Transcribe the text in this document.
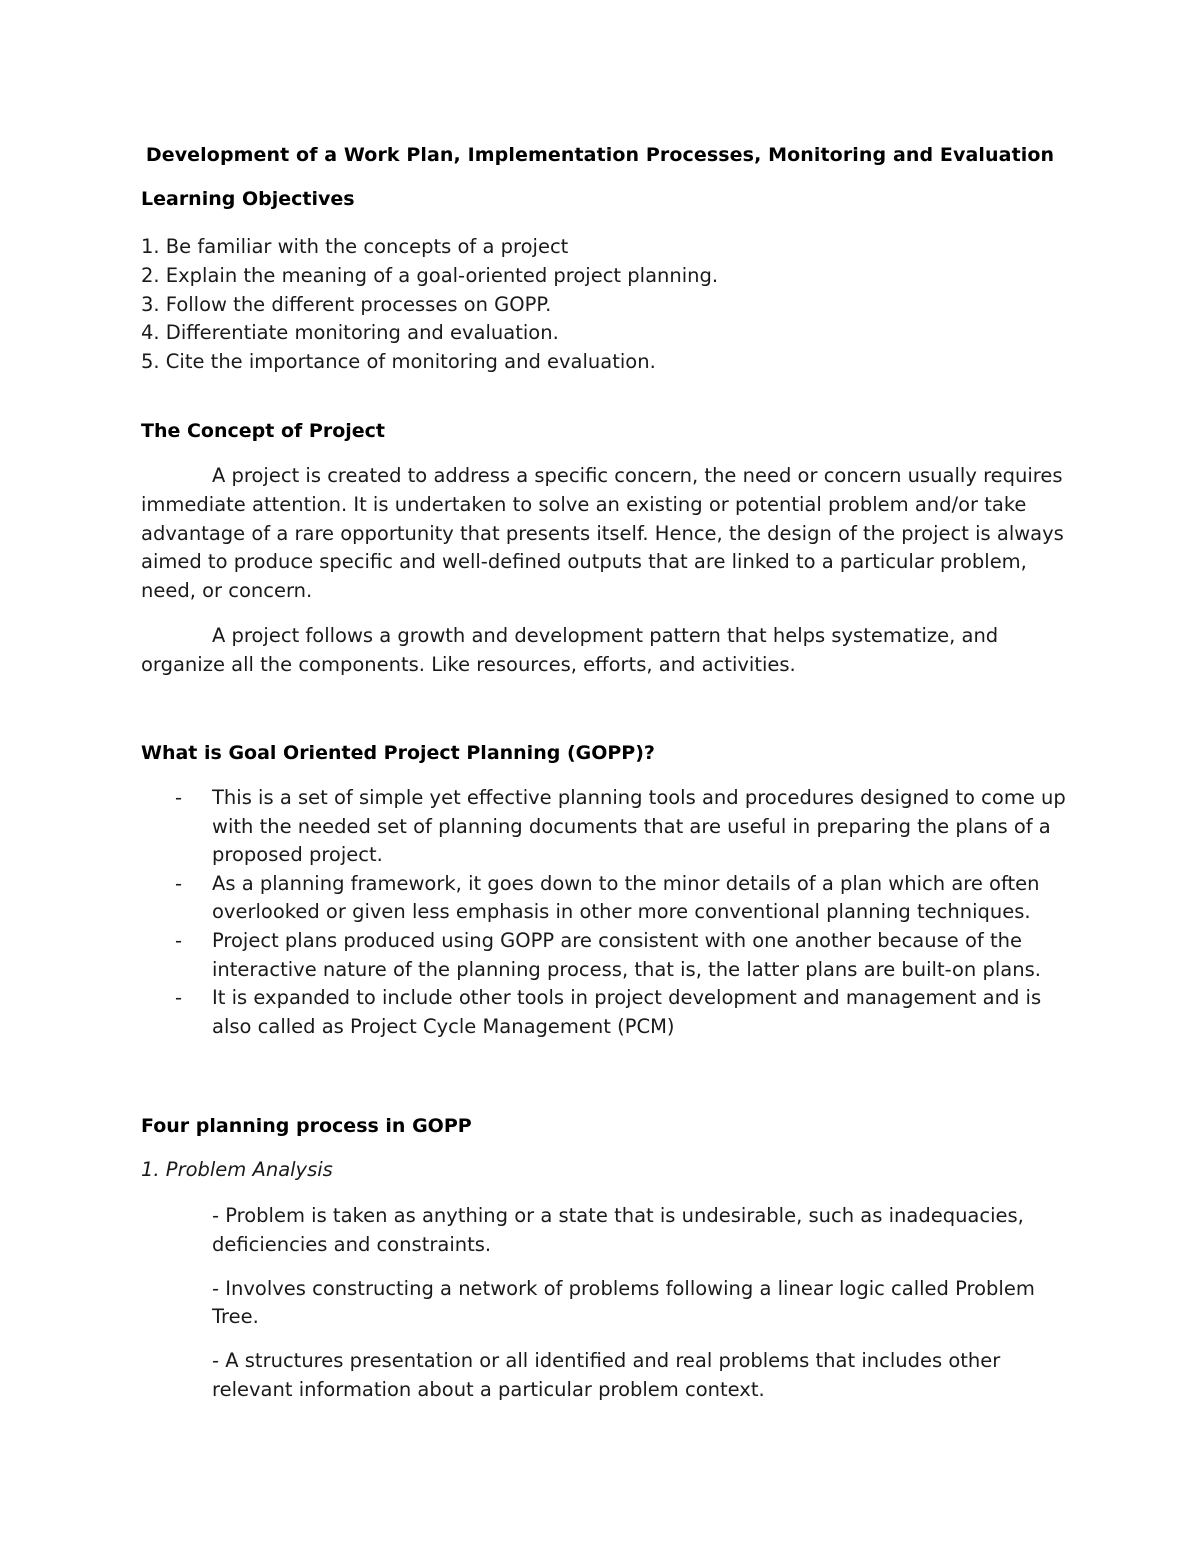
Development of a Work Plan, Implementation Processes, Monitoring and Evaluation
Learning Objectives
1. Be familiar with the concepts of a project
2. Explain the meaning of a goal-oriented project planning.
3. Follow the different processes on GOPP.
4. Differentiate monitoring and evaluation.
5. Cite the importance of monitoring and evaluation.
The Concept of Project

A project is created to address a specific concern, the need or concern usually requires immediate attention. It is undertaken to solve an existing or potential problem and/or take advantage of a rare opportunity that presents itself. Hence, the design of the project is always aimed to produce specific and well-defined outputs that are linked to a particular problem, need, or concern.

A project follows a growth and development pattern that helps systematize, and organize all the components. Like resources, efforts, and activities.

What is Goal Oriented Project Planning (GOPP)?
- This is a set of simple yet effective planning tools and procedures designed to come up with the needed set of planning documents that are useful in preparing the plans of a proposed project.
- As a planning framework, it goes down to the minor details of a plan which are often overlooked or given less emphasis in other more conventional planning techniques.
- Project plans produced using GOPP are consistent with one another because of the interactive nature of the planning process, that is, the latter plans are built-on plans.
- It is expanded to include other tools in project development and management and is also called as Project Cycle Management (PCM)
Four planning process in GOPP
1. Problem Analysis
- Problem is taken as anything or a state that is undesirable, such as inadequacies, deficiencies and constraints.
- Involves constructing a network of problems following a linear logic called Problem Tree.
- A structures presentation or all identified and real problems that includes other relevant information about a particular problem context.
